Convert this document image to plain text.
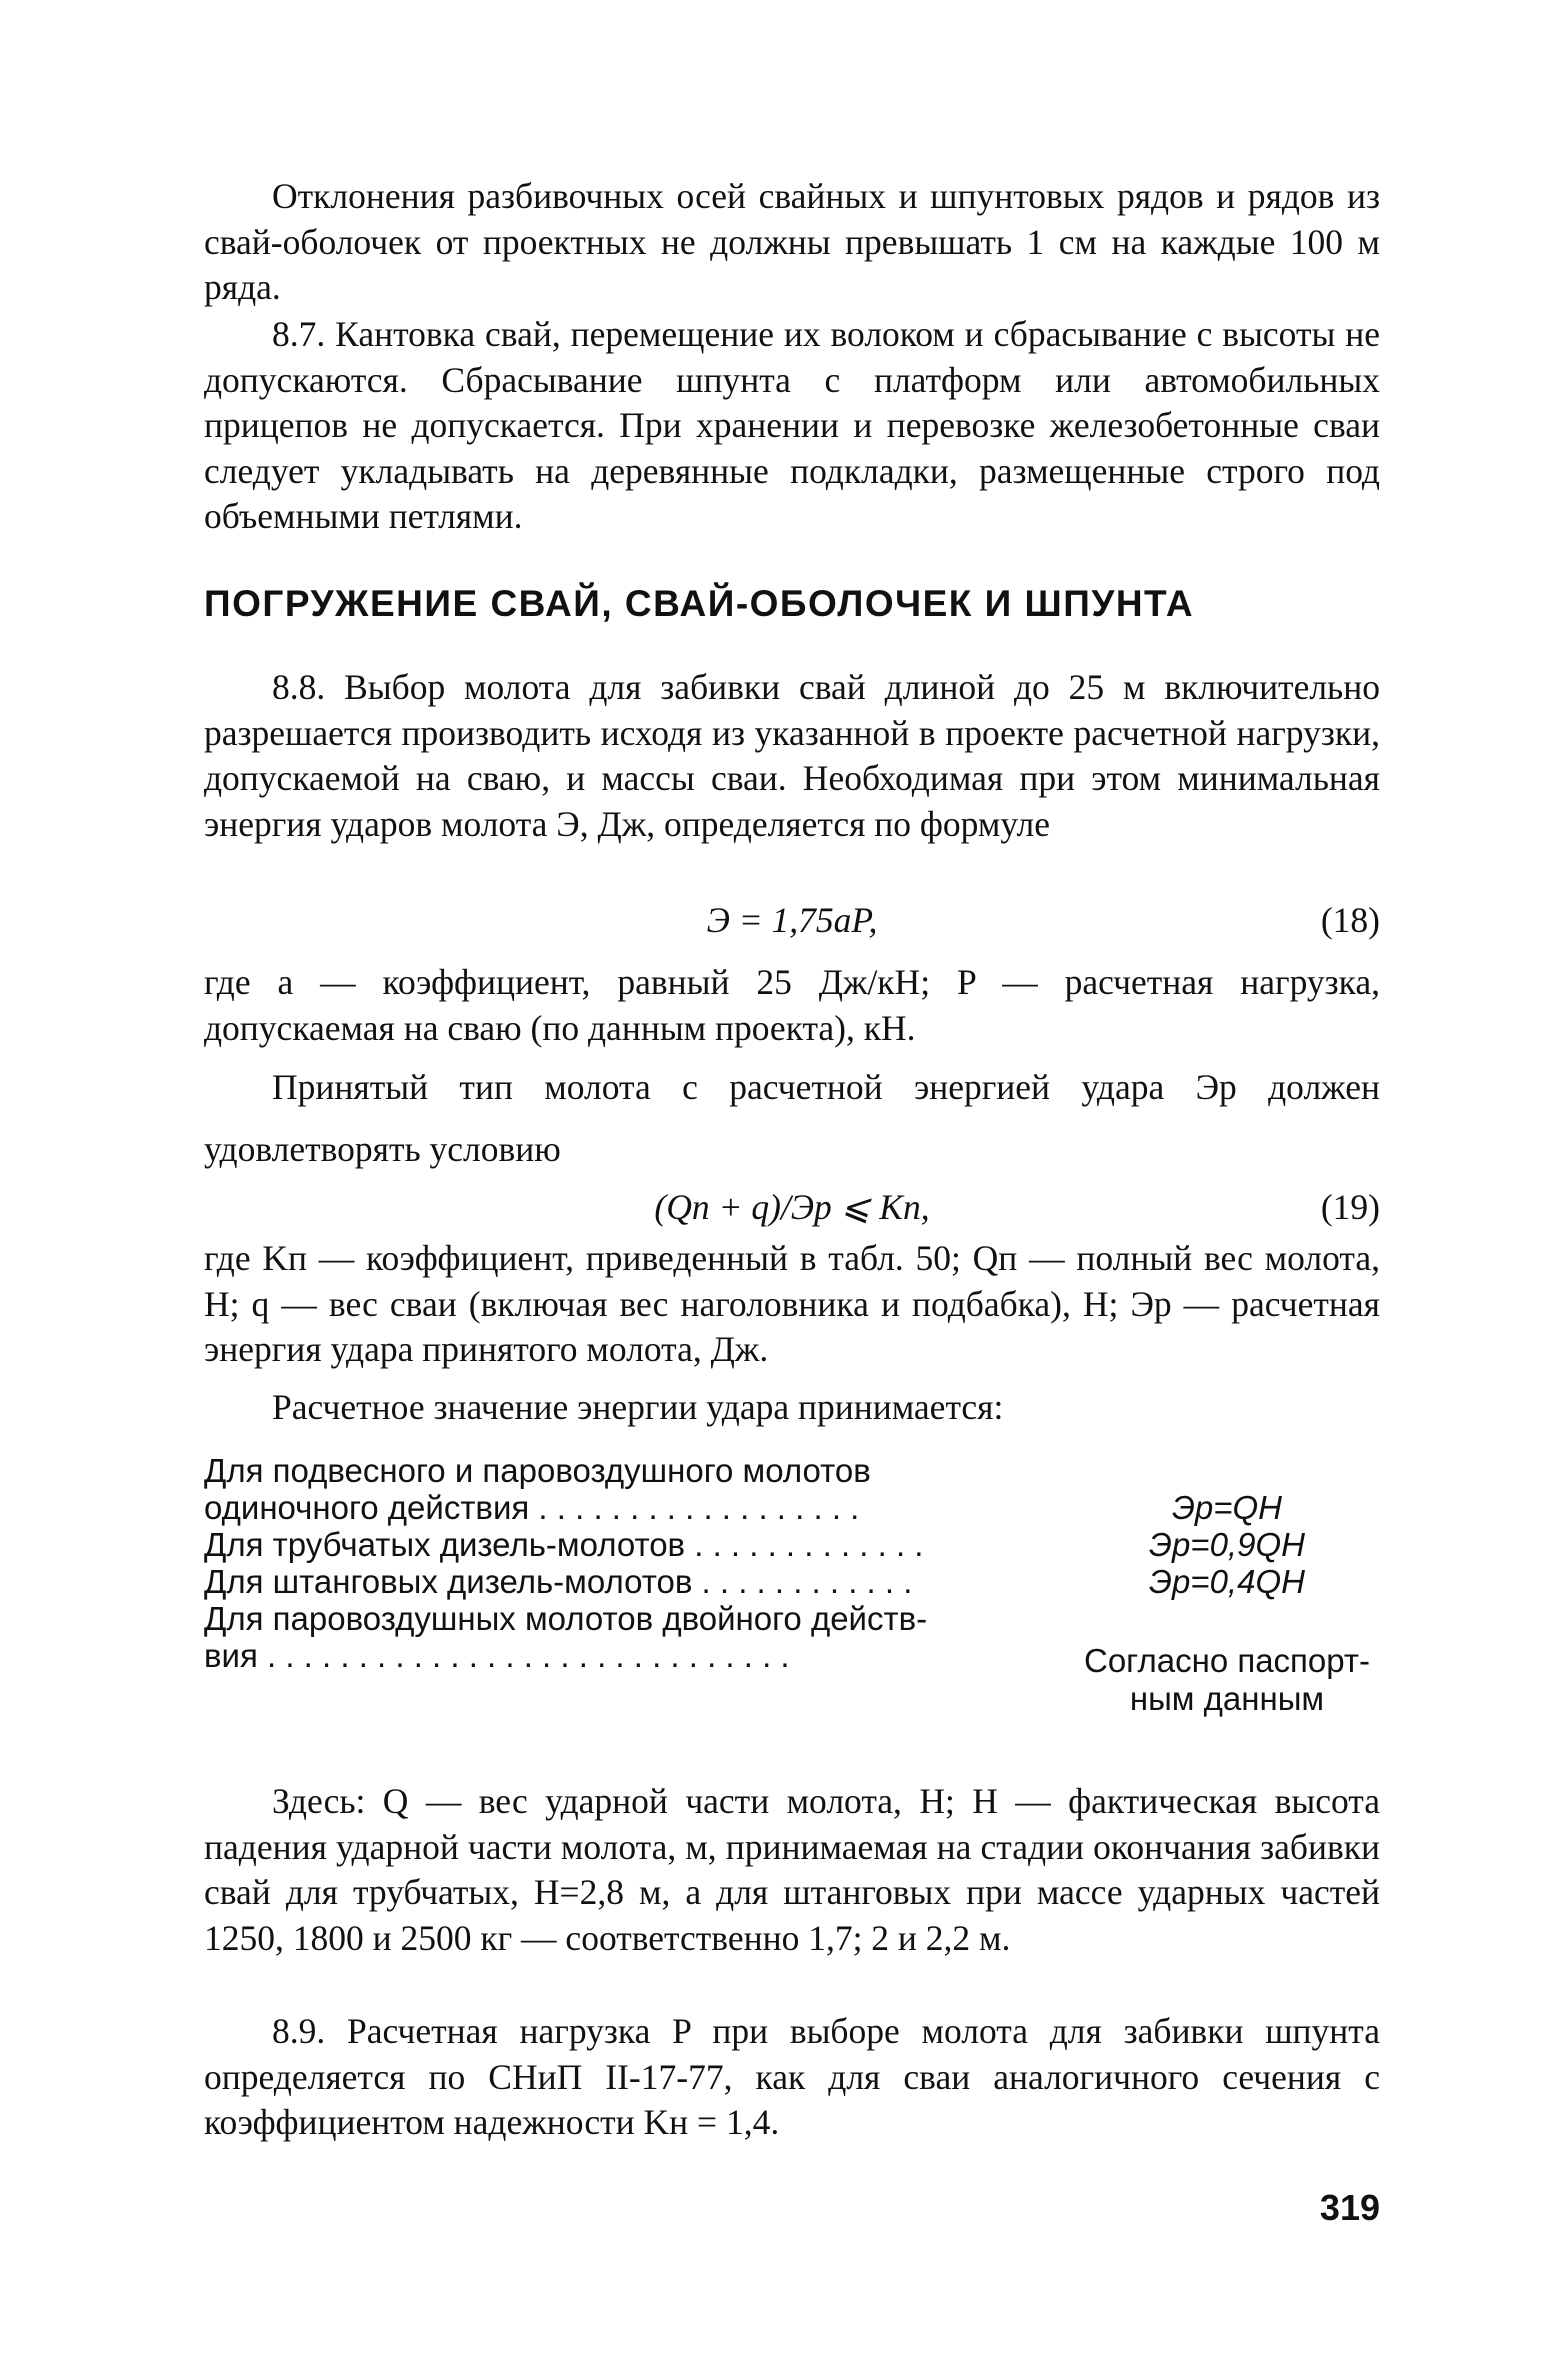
Отклонения разбивочных осей свайных и шпунтовых рядов и рядов из свай-оболочек от проектных не должны превышать 1 см на каждые 100 м ряда.

8.7. Кантовка свай, перемещение их волоком и сбрасывание с высоты не допускаются. Сбрасывание шпунта с платформ или автомобильных прицепов не допускается. При хранении и перевозке железобетонные сваи следует укладывать на деревянные подкладки, размещенные строго под объемными петлями.

ПОГРУЖЕНИЕ СВАЙ, СВАЙ-ОБОЛОЧЕК И ШПУНТА

8.8. Выбор молота для забивки свай длиной до 25 м включительно разрешается производить исходя из указанной в проекте расчетной нагрузки, допускаемой на сваю, и массы сваи. Необходимая при этом минимальная энергия ударов молота Э, Дж, определяется по формуле

Э = 1,75aP,	(18)

где a — коэффициент, равный 25 Дж/кН; P — расчетная нагрузка, допускаемая на сваю (по данным проекта), кН.

Принятый тип молота с расчетной энергией удара Эр должен удовлетворять условию

(Qп + q)/Эр ⩽ Kп,	(19)

где Kп — коэффициент, приведенный в табл. 50; Qп — полный вес молота, Н; q — вес сваи (включая вес наголовника и подбабка), Н; Эр — расчетная энергия удара принятого молота, Дж.

Расчетное значение энергии удара принимается:

Для подвесного и паровоздушного молотов
одиночного действия . . . . . . . . . . . . . . . . . .	Эр=QH
Для трубчатых дизель-молотов . . . . . . . . . . . . .	Эр=0,9QH
Для штанговых дизель-молотов . . . . . . . . . . . .	Эр=0,4QH
Для паровоздушных молотов двойного действ-
вия . . . . . . . . . . . . . . . . . . . . . . . . . . . . .	Согласно паспорт-
ным данным

Здесь: Q — вес ударной части молота, Н; H — фактическая высота падения ударной части молота, м, принимаемая на стадии окончания забивки свай для трубчатых, H=2,8 м, а для штанговых при массе ударных частей 1250, 1800 и 2500 кг — соответственно 1,7; 2 и 2,2 м.

8.9. Расчетная нагрузка P при выборе молота для забивки шпунта определяется по СНиП II-17-77, как для сваи аналогичного сечения с коэффициентом надежности Kн = 1,4.

319
